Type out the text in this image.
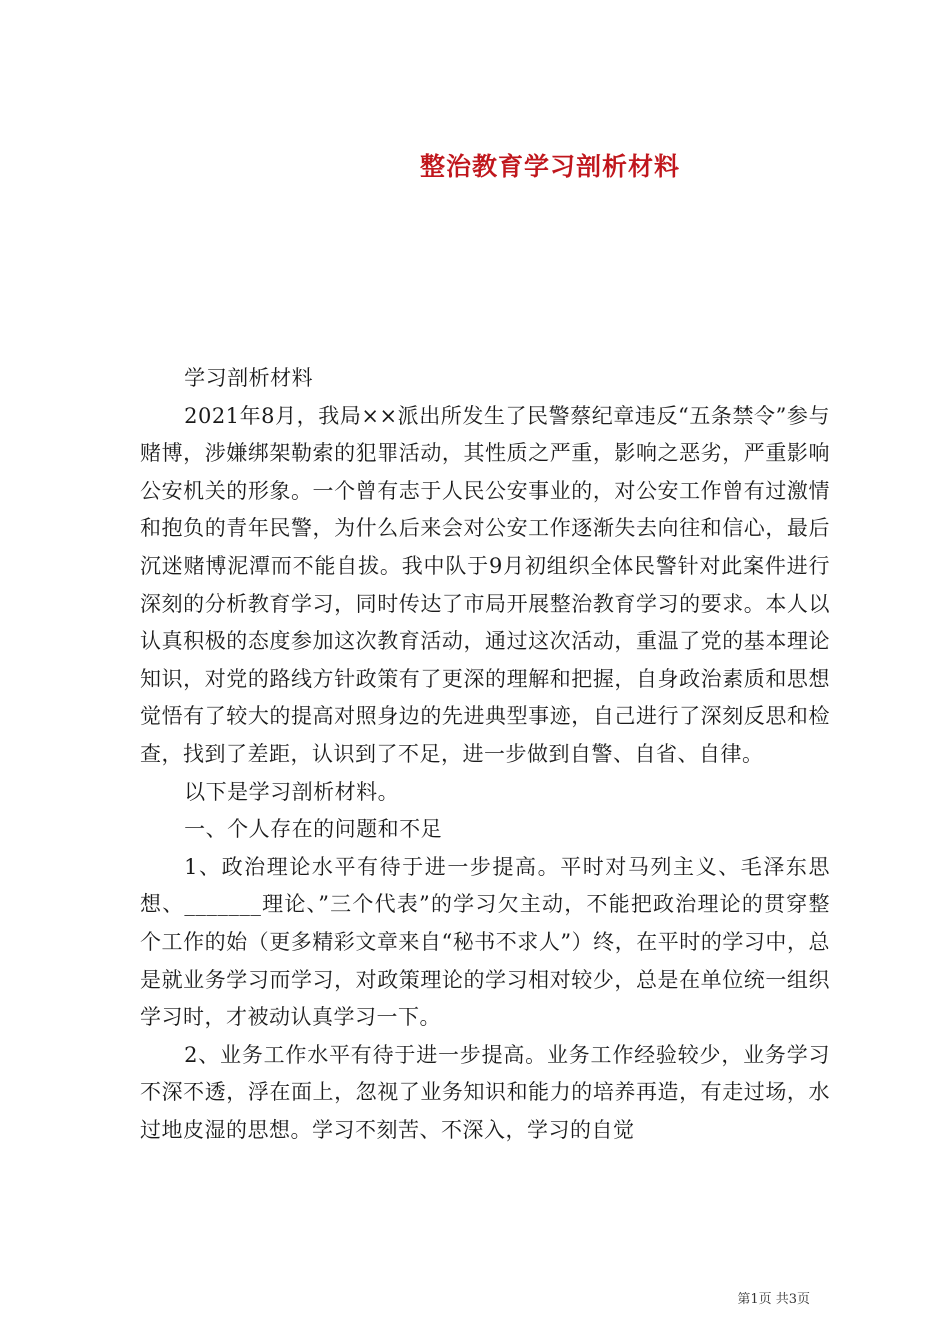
整治教育学习剖析材料

学习剖析材料

2021年8月，我局××派出所发生了民警蔡纪章违反“五条禁令”参与赌博，涉嫌绑架勒索的犯罪活动，其性质之严重，影响之恶劣，严重影响公安机关的形象。一个曾有志于人民公安事业的，对公安工作曾有过激情和抱负的青年民警，为什么后来会对公安工作逐渐失去向往和信心，最后沉迷赌博泥潭而不能自拔。我中队于9月初组织全体民警针对此案件进行深刻的分析教育学习，同时传达了市局开展整治教育学习的要求。本人以认真积极的态度参加这次教育活动，通过这次活动，重温了党的基本理论知识，对党的路线方针政策有了更深的理解和把握，自身政治素质和思想觉悟有了较大的提高对照身边的先进典型事迹，自己进行了深刻反思和检查，找到了差距，认识到了不足，进一步做到自警、自省、自律。

以下是学习剖析材料。

一、个人存在的问题和不足

1、政治理论水平有待于进一步提高。平时对马列主义、毛泽东思想、_______理论、”三个代表”的学习欠主动，不能把政治理论的贯穿整个工作的始（更多精彩文章来自“秘书不求人”）终，在平时的学习中，总是就业务学习而学习，对政策理论的学习相对较少，总是在单位统一组织学习时，才被动认真学习一下。

2、业务工作水平有待于进一步提高。业务工作经验较少，业务学习不深不透，浮在面上，忽视了业务知识和能力的培养再造，有走过场，水过地皮湿的思想。学习不刻苦、不深入，学习的自觉

第1页 共3页
